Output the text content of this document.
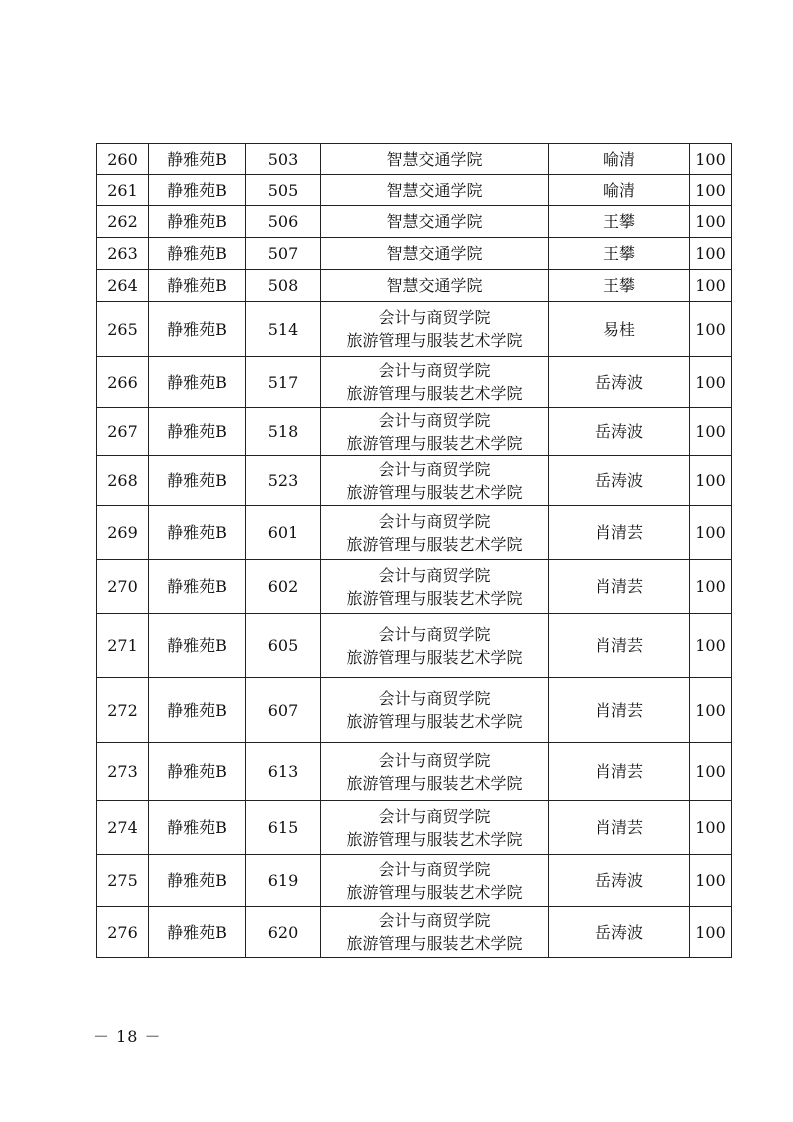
260	静雅苑B	503	智慧交通学院	喻清	100
261	静雅苑B	505	智慧交通学院	喻清	100
262	静雅苑B	506	智慧交通学院	王攀	100
263	静雅苑B	507	智慧交通学院	王攀	100
264	静雅苑B	508	智慧交通学院	王攀	100
265	静雅苑B	514	会计与商贸学院
旅游管理与服装艺术学院	易桂	100
266	静雅苑B	517	会计与商贸学院
旅游管理与服装艺术学院	岳涛波	100
267	静雅苑B	518	会计与商贸学院
旅游管理与服装艺术学院	岳涛波	100
268	静雅苑B	523	会计与商贸学院
旅游管理与服装艺术学院	岳涛波	100
269	静雅苑B	601	会计与商贸学院
旅游管理与服装艺术学院	肖清芸	100
270	静雅苑B	602	会计与商贸学院
旅游管理与服装艺术学院	肖清芸	100
271	静雅苑B	605	会计与商贸学院
旅游管理与服装艺术学院	肖清芸	100
272	静雅苑B	607	会计与商贸学院
旅游管理与服装艺术学院	肖清芸	100
273	静雅苑B	613	会计与商贸学院
旅游管理与服装艺术学院	肖清芸	100
274	静雅苑B	615	会计与商贸学院
旅游管理与服装艺术学院	肖清芸	100
275	静雅苑B	619	会计与商贸学院
旅游管理与服装艺术学院	岳涛波	100
276	静雅苑B	620	会计与商贸学院
旅游管理与服装艺术学院	岳涛波	100
－ 18 －
